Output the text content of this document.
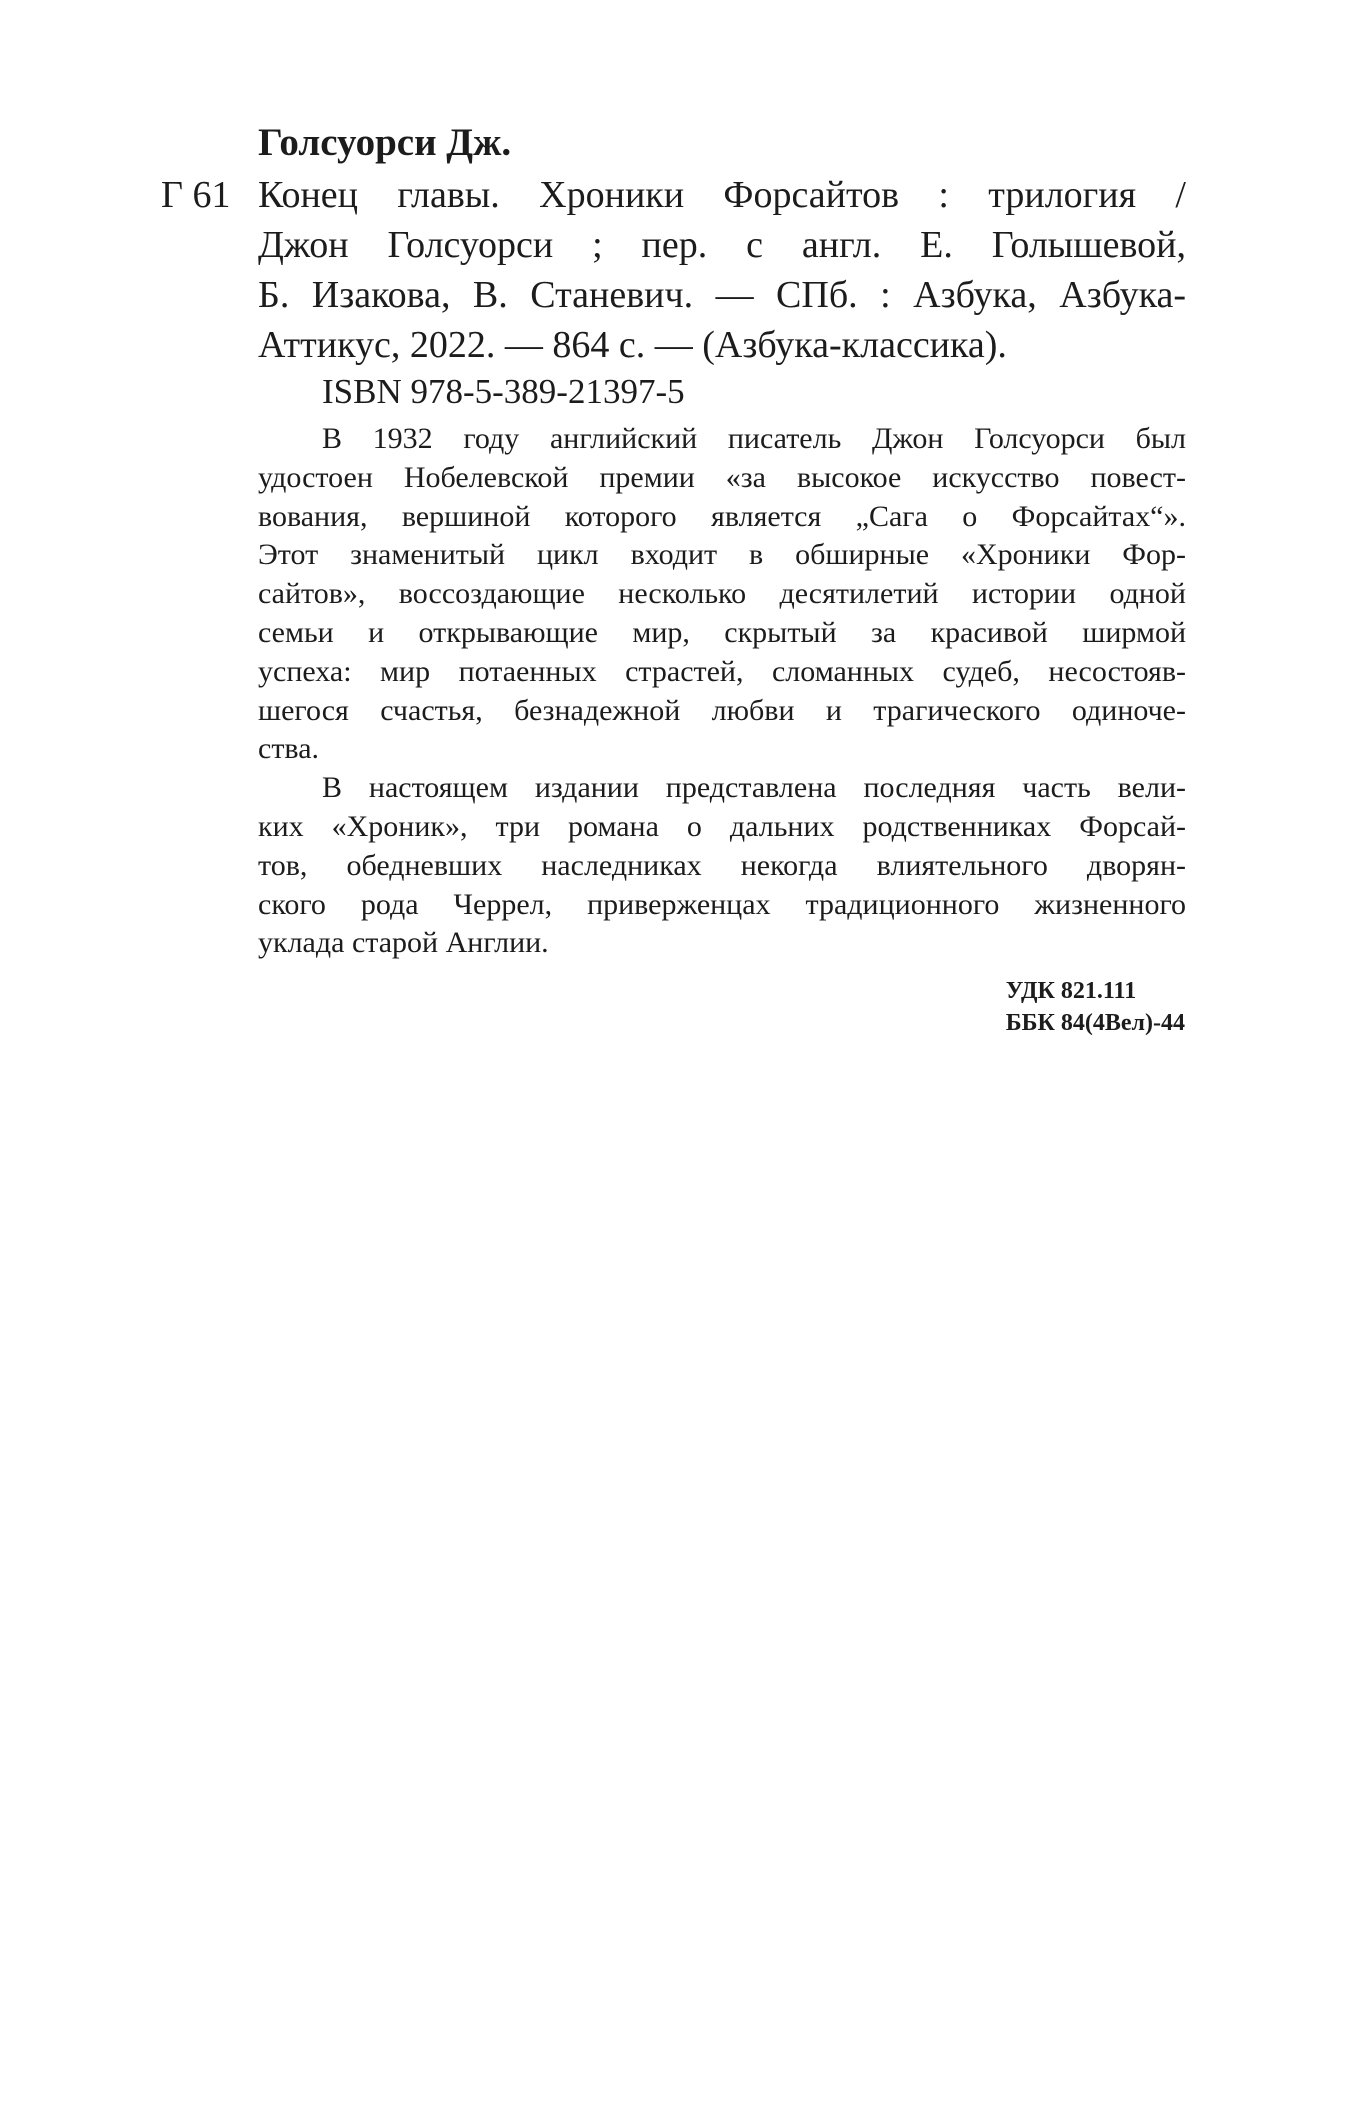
Голсуорси Дж.
Г 61 Конец главы. Хроники Форсайтов : трилогия /
Джон Голсуорси ; пер. с англ. Е. Голышевой,
Б. Изакова, В. Станевич. — СПб. : Азбука, Азбука-
Аттикус, 2022. — 864 с. — (Азбука-классика).
ISBN 978-5-389-21397-5
В 1932 году английский писатель Джон Голсуорси был
удостоен Нобелевской премии «за высокое искусство повест-
вования, вершиной которого является „Сага о Форсайтах“».
Этот знаменитый цикл входит в обширные «Хроники Фор-
сайтов», воссоздающие несколько десятилетий истории одной
семьи и открывающие мир, скрытый за красивой ширмой
успеха: мир потаенных страстей, сломанных судеб, несостояв-
шегося счастья, безнадежной любви и трагического одиноче-
ства.
В настоящем издании представлена последняя часть вели-
ких «Хроник», три романа о дальних родственниках Форсай-
тов, обедневших наследниках некогда влиятельного дворян-
ского рода Черрел, приверженцах традиционного жизненного
уклада старой Англии.
УДК 821.111
ББК 84(4Вел)-44
